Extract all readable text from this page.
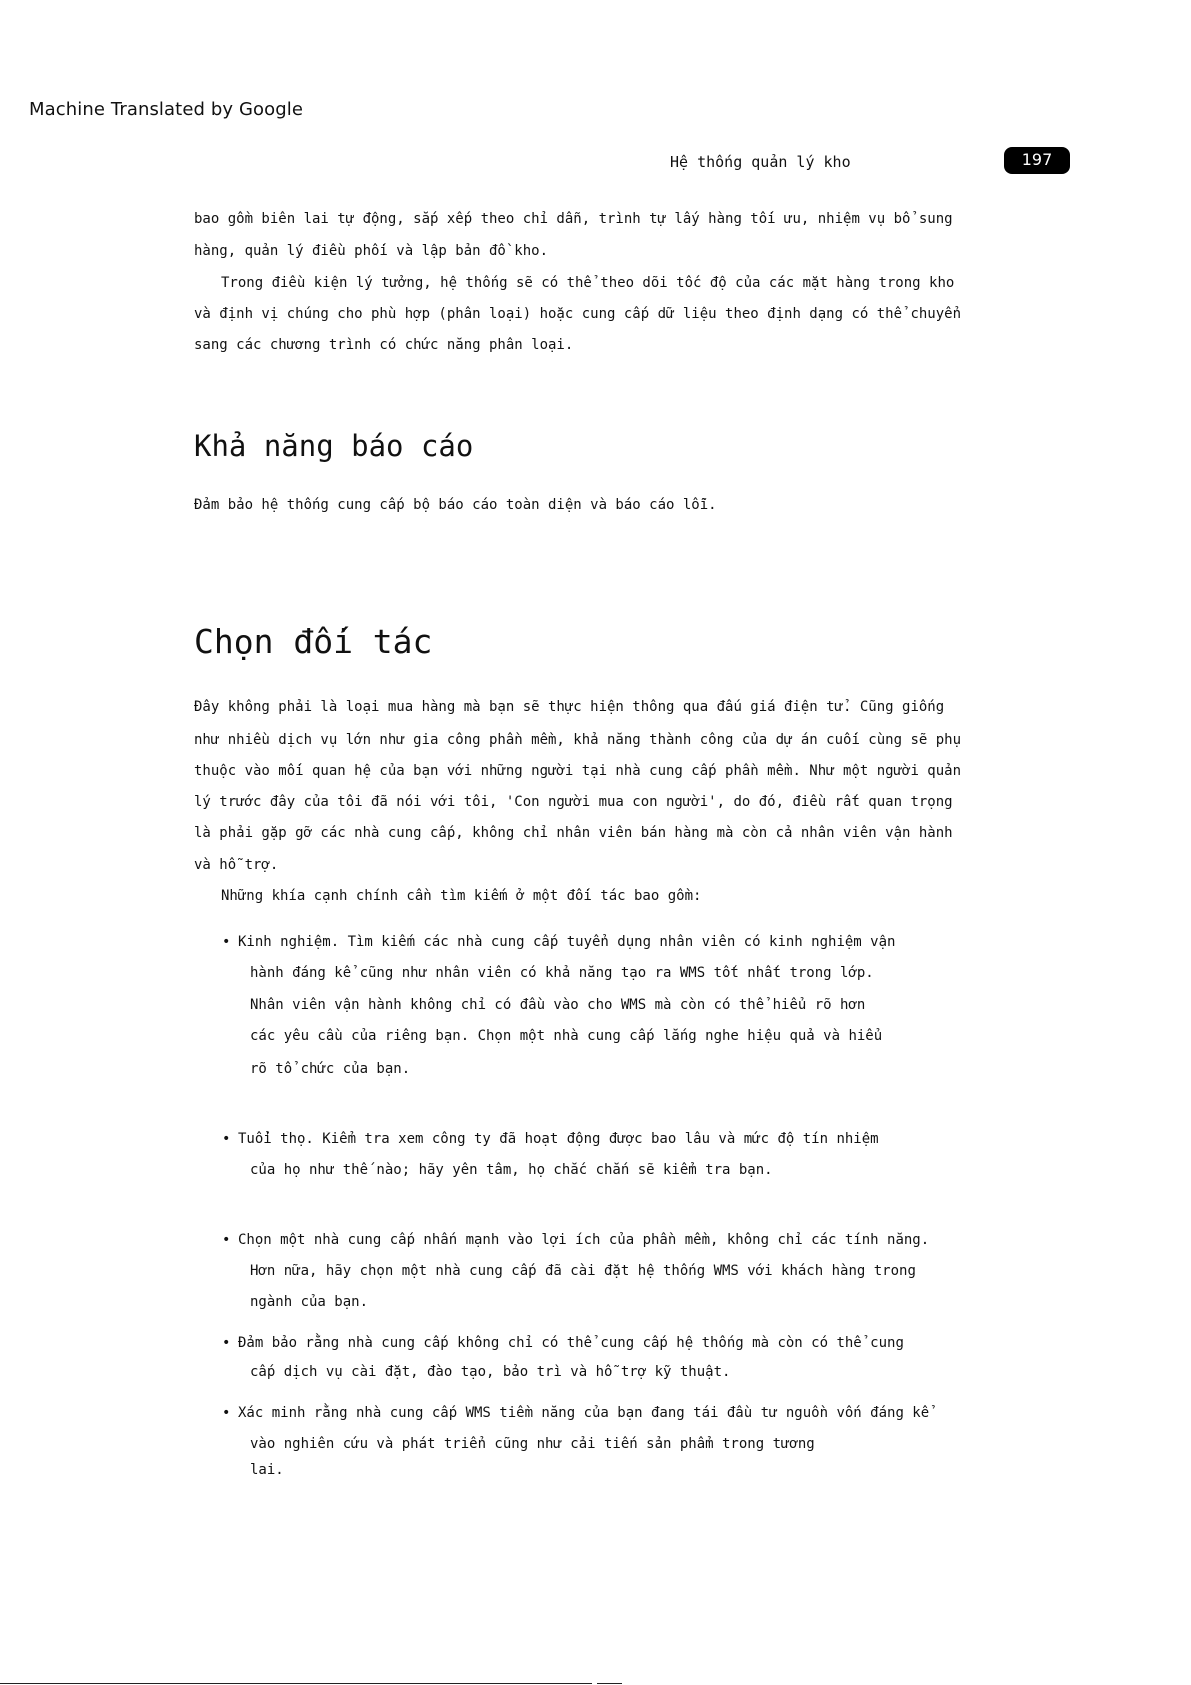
Machine Translated by Google
Hệ thống quản lý kho	197

bao gồm biên lai tự động, sắp xếp theo chỉ dẫn, trình tự lấy hàng tối ưu, nhiệm vụ bổ sung

hàng, quản lý điều phối và lập bản đồ kho.

Trong điều kiện lý tưởng, hệ thống sẽ có thể theo dõi tốc độ của các mặt hàng trong kho

và định vị chúng cho phù hợp (phân loại) hoặc cung cấp dữ liệu theo định dạng có thể chuyển

sang các chương trình có chức năng phân loại.

Khả năng báo cáo

Đảm bảo hệ thống cung cấp bộ báo cáo toàn diện và báo cáo lỗi.

Chọn đối tác

Đây không phải là loại mua hàng mà bạn sẽ thực hiện thông qua đấu giá điện tử. Cũng giống

như nhiều dịch vụ lớn như gia công phần mềm, khả năng thành công của dự án cuối cùng sẽ phụ

thuộc vào mối quan hệ của bạn với những người tại nhà cung cấp phần mềm. Như một người quản

lý trước đây của tôi đã nói với tôi, 'Con người mua con người', do đó, điều rất quan trọng

là phải gặp gỡ các nhà cung cấp, không chỉ nhân viên bán hàng mà còn cả nhân viên vận hành

và hỗ trợ.

Những khía cạnh chính cần tìm kiếm ở một đối tác bao gồm:

• Kinh nghiệm. Tìm kiếm các nhà cung cấp tuyển dụng nhân viên có kinh nghiệm vận

hành đáng kể cũng như nhân viên có khả năng tạo ra WMS tốt nhất trong lớp.

Nhân viên vận hành không chỉ có đầu vào cho WMS mà còn có thể hiểu rõ hơn

các yêu cầu của riêng bạn. Chọn một nhà cung cấp lắng nghe hiệu quả và hiểu

rõ tổ chức của bạn.

• Tuổi thọ. Kiểm tra xem công ty đã hoạt động được bao lâu và mức độ tín nhiệm

của họ như thế nào; hãy yên tâm, họ chắc chắn sẽ kiểm tra bạn.

• Chọn một nhà cung cấp nhấn mạnh vào lợi ích của phần mềm, không chỉ các tính năng.

Hơn nữa, hãy chọn một nhà cung cấp đã cài đặt hệ thống WMS với khách hàng trong

ngành của bạn.

• Đảm bảo rằng nhà cung cấp không chỉ có thể cung cấp hệ thống mà còn có thể cung

cấp dịch vụ cài đặt, đào tạo, bảo trì và hỗ trợ kỹ thuật.

• Xác minh rằng nhà cung cấp WMS tiềm năng của bạn đang tái đầu tư nguồn vốn đáng kể

vào nghiên cứu và phát triển cũng như cải tiến sản phẩm trong tương

lai.
